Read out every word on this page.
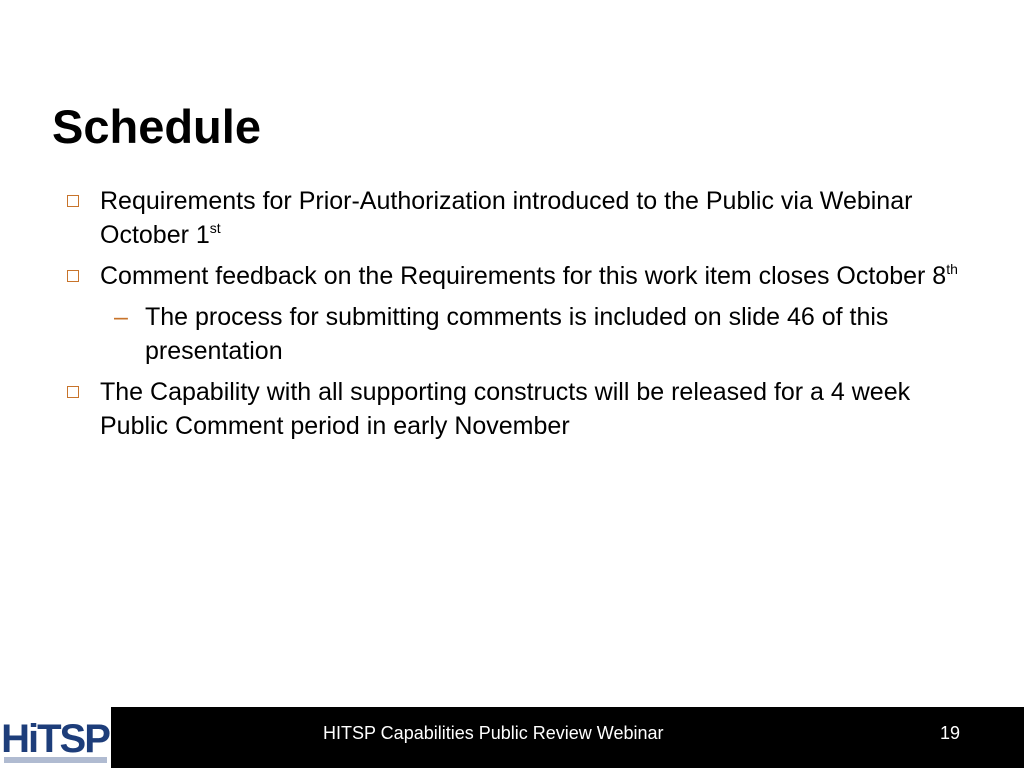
Schedule
Requirements for Prior-Authorization introduced to the Public via Webinar October 1st
Comment feedback on the Requirements for this work item closes October 8th
– The process for submitting comments is included on slide 46 of this presentation
The Capability with all supporting constructs will be released for a 4 week Public Comment period in early November
HiTSP	HITSP Capabilities Public Review Webinar	19
